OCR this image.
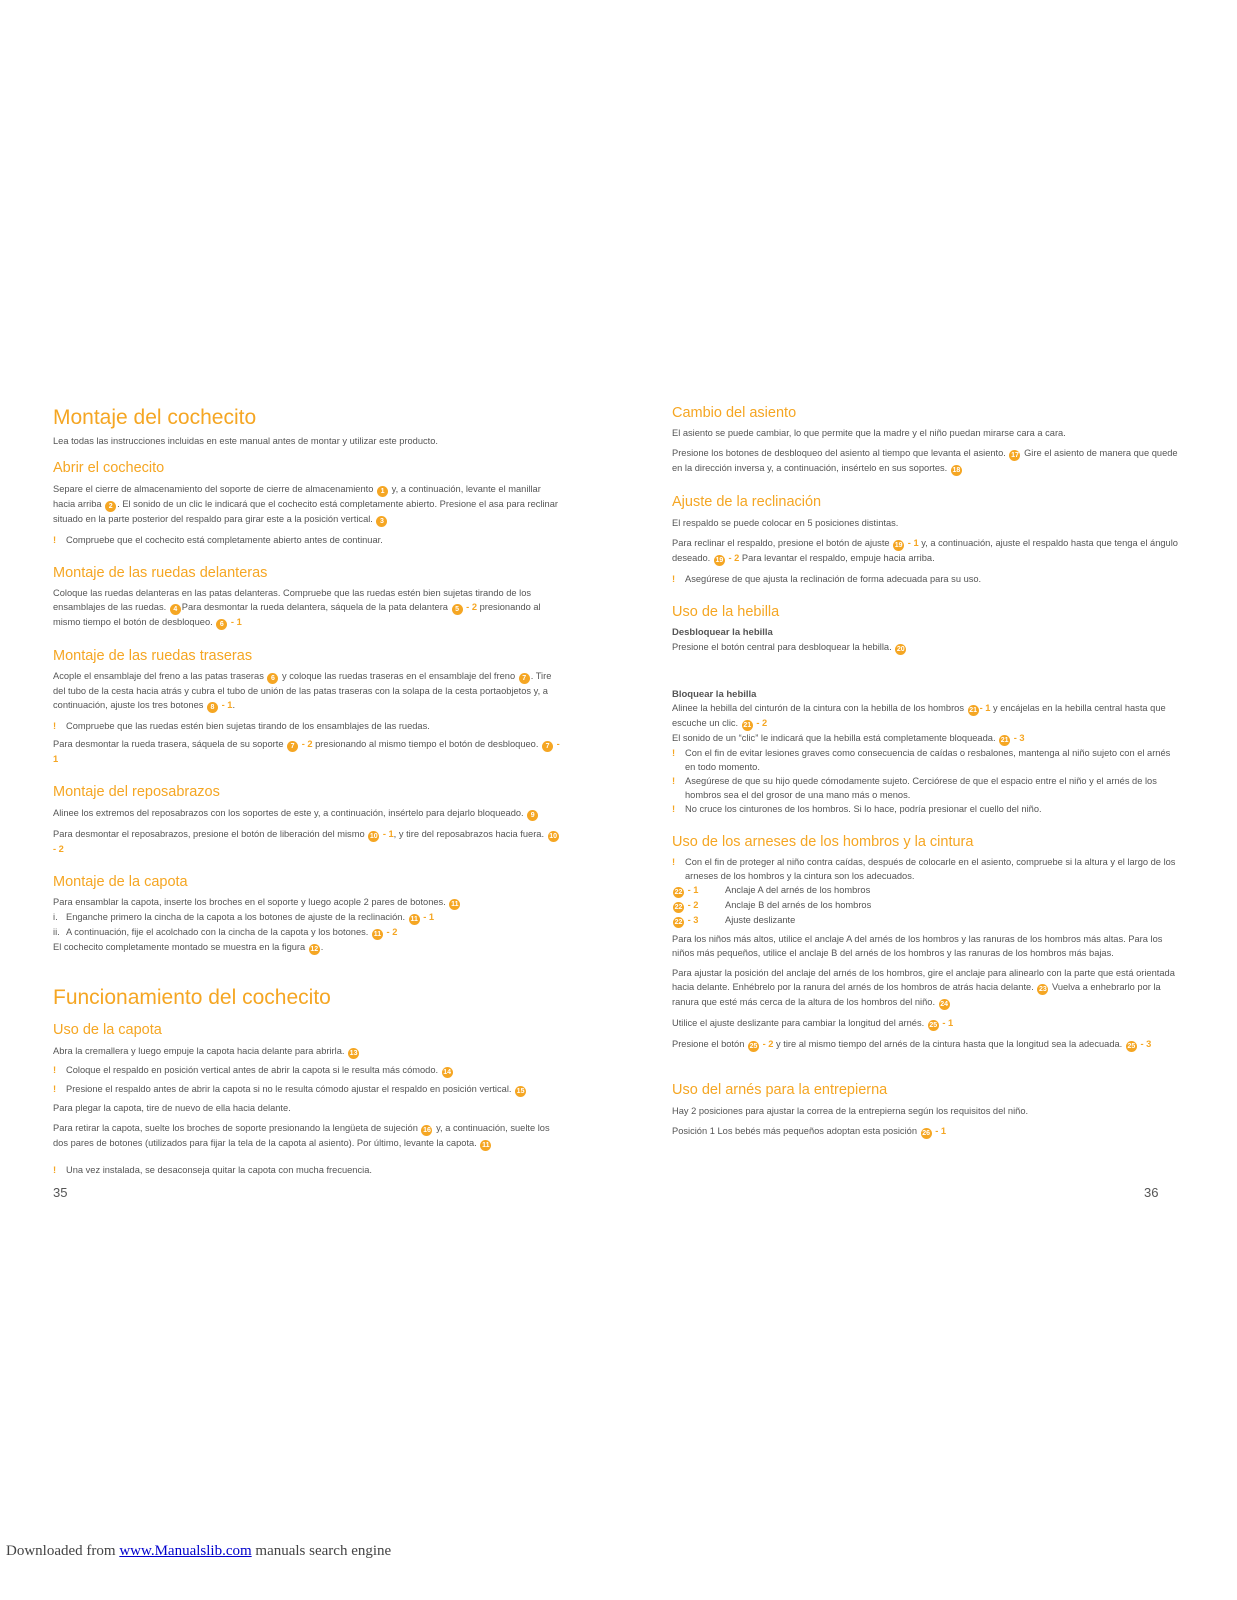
Montaje del cochecito

Lea todas las instrucciones incluidas en este manual antes de montar y utilizar este producto.

Abrir el cochecito

Separe el cierre de almacenamiento del soporte de cierre de almacenamiento 1 y, a continuación, levante el manillar hacia arriba 2 . El sonido de un clic le indicará que el cochecito está completamente abierto. Presione el asa para reclinar situado en la parte posterior del respaldo para girar este a la posición vertical. 3

! Compruebe que el cochecito está completamente abierto antes de continuar.

Montaje de las ruedas delanteras

Coloque las ruedas delanteras en las patas delanteras. Compruebe que las ruedas estén bien sujetas tirando de los ensamblajes de las ruedas. 4 Para desmontar la rueda delantera, sáquela de la pata delantera 5 - 2 presionando al mismo tiempo el botón de desbloqueo. 6 - 1

Montaje de las ruedas traseras

Acople el ensamblaje del freno a las patas traseras 6 y coloque las ruedas traseras en el ensamblaje del freno 7 . Tire del tubo de la cesta hacia atrás y cubra el tubo de unión de las patas traseras con la solapa de la cesta portaobjetos y, a continuación, ajuste los tres botones 8 - 1.

! Compruebe que las ruedas estén bien sujetas tirando de los ensamblajes de las ruedas.

Para desmontar la rueda trasera, sáquela de su soporte 7 - 2 presionando al mismo tiempo el botón de desbloqueo. 7 - 1

Montaje del reposabrazos

Alinee los extremos del reposabrazos con los soportes de este y, a continuación, insértelo para dejarlo bloqueado. 9

Para desmontar el reposabrazos, presione el botón de liberación del mismo 10 - 1, y tire del reposabrazos hacia fuera. 10 - 2

Montaje de la capota

Para ensamblar la capota, inserte los broches en el soporte y luego acople 2 pares de botones. 11

i. Enganche primero la cincha de la capota a los botones de ajuste de la reclinación. 11 - 1

ii. A continuación, fije el acolchado con la cincha de la capota y los botones. 11 - 2

El cochecito completamente montado se muestra en la figura 12 .

Funcionamiento del cochecito
Uso de la capota

Abra la cremallera y luego empuje la capota hacia delante para abrirla. 13

! Coloque el respaldo en posición vertical antes de abrir la capota si le resulta más cómodo. 14

! Presione el respaldo antes de abrir la capota si no le resulta cómodo ajustar el respaldo en posición vertical. 15

Para plegar la capota, tire de nuevo de ella hacia delante.

Para retirar la capota, suelte los broches de soporte presionando la lengüeta de sujeción 16 y, a continuación, suelte los dos pares de botones (utilizados para fijar la tela de la capota al asiento). Por último, levante la capota. 11

! Una vez instalada, se desaconseja quitar la capota con mucha frecuencia.

Cambio del asiento

El asiento se puede cambiar, lo que permite que la madre y el niño puedan mirarse cara a cara.

Presione los botones de desbloqueo del asiento al tiempo que levanta el asiento. 17 Gire el asiento de manera que quede en la dirección inversa y, a continuación, insértelo en sus soportes. 18

Ajuste de la reclinación

El respaldo se puede colocar en 5 posiciones distintas.

Para reclinar el respaldo, presione el botón de ajuste 19 - 1 y, a continuación, ajuste el respaldo hasta que tenga el ángulo deseado. 19 - 2 Para levantar el respaldo, empuje hacia arriba.

! Asegúrese de que ajusta la reclinación de forma adecuada para su uso.

Uso de la hebilla
Desbloquear la hebilla

Presione el botón central para desbloquear la hebilla. 20

Bloquear la hebilla

Alinee la hebilla del cinturón de la cintura con la hebilla de los hombros 21 - 1 y encájelas en la hebilla central hasta que escuche un clic. 21 - 2

El sonido de un “clic” le indicará que la hebilla está completamente bloqueada. 21 - 3

! Con el fin de evitar lesiones graves como consecuencia de caídas o resbalones, mantenga al niño sujeto con el arnés en todo momento.

! Asegúrese de que su hijo quede cómodamente sujeto. Cerciórese de que el espacio entre el niño y el arnés de los hombros sea el del grosor de una mano más o menos.

! No cruce los cinturones de los hombros. Si lo hace, podría presionar el cuello del niño.

Uso de los arneses de los hombros y la cintura

! Con el fin de proteger al niño contra caídas, después de colocarle en el asiento, compruebe si la altura y el largo de los arneses de los hombros y la cintura son los adecuados.

22 - 1	Anclaje A del arnés de los hombros
22 - 2	Anclaje B del arnés de los hombros
22 - 3	Ajuste deslizante

Para los niños más altos, utilice el anclaje A del arnés de los hombros y las ranuras de los hombros más altas. Para los niños más pequeños, utilice el anclaje B del arnés de los hombros y las ranuras de los hombros más bajas.

Para ajustar la posición del anclaje del arnés de los hombros, gire el anclaje para alinearlo con la parte que está orientada hacia delante. Enhébrelo por la ranura del arnés de los hombros de atrás hacia delante. 23 Vuelva a enhebrarlo por la ranura que esté más cerca de la altura de los hombros del niño. 24

Utilice el ajuste deslizante para cambiar la longitud del arnés. 25 - 1

Presione el botón 25 - 2 y tire al mismo tiempo del arnés de la cintura hasta que la longitud sea la adecuada. 25 - 3

Uso del arnés para la entrepierna

Hay 2 posiciones para ajustar la correa de la entrepierna según los requisitos del niño.

Posición 1 Los bebés más pequeños adoptan esta posición 26 - 1

35	36
Downloaded from www.Manualslib.com manuals search engine
